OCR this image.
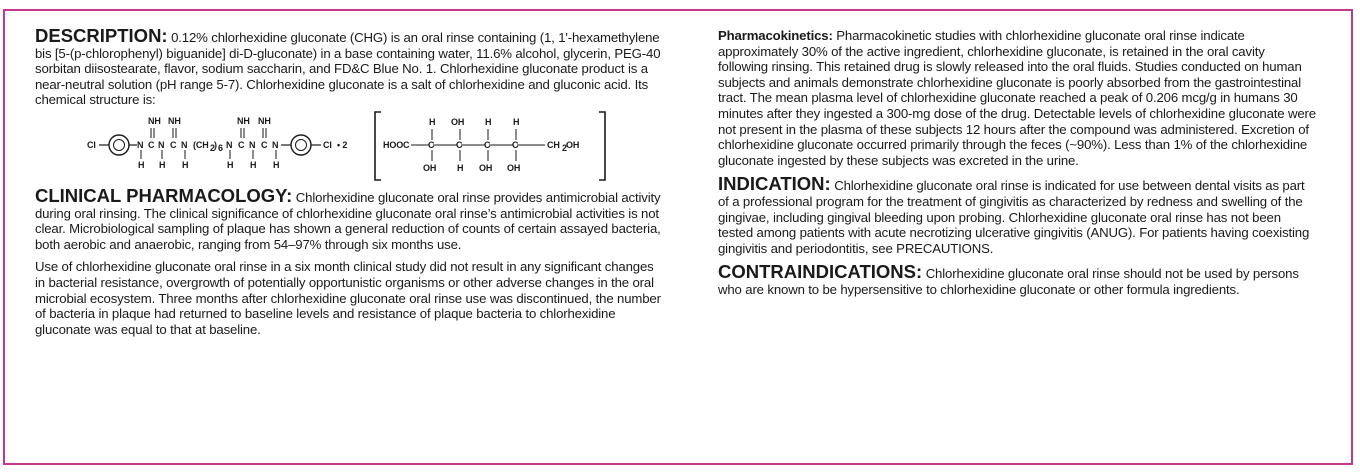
DESCRIPTION: 0.12% chlorhexidine gluconate (CHG) is an oral rinse containing (1, 1'-hexamethylene bis [5-(p-chlorophenyl) biguanide] di-D-gluconate) in a base containing water, 11.6% alcohol, glycerin, PEG-40 sorbitan diisostearate, flavor, sodium saccharin, and FD&C Blue No. 1. Chlorhexidine gluconate product is a near-neutral solution (pH range 5-7). Chlorhexidine gluconate is a salt of chlorhexidine and gluconic acid. Its chemical structure is:

Cl	N C N C N
NH NH
H H H
(CH 2 ) 6 N C N C N
NH NH
H H H
Cl • 2	HOOC C C C C
H OH H H
OH H OH OH
CH 2 OH

CLINICAL PHARMACOLOGY: Chlorhexidine gluconate oral rinse provides antimicrobial activity during oral rinsing. The clinical significance of chlorhexidine gluconate oral rinse’s antimicrobial activities is not clear. Microbiological sampling of plaque has shown a general reduction of counts of certain assayed bacteria, both aerobic and anaerobic, ranging from 54–97% through six months use.

Use of chlorhexidine gluconate oral rinse in a six month clinical study did not result in any significant changes in bacterial resistance, overgrowth of potentially opportunistic organisms or other adverse changes in the oral microbial ecosystem. Three months after chlorhexidine gluconate oral rinse use was discontinued, the number of bacteria in plaque had returned to baseline levels and resistance of plaque bacteria to chlorhexidine gluconate was equal to that at baseline.

Pharmacokinetics: Pharmacokinetic studies with chlorhexidine gluconate oral rinse indicate approximately 30% of the active ingredient, chlorhexidine gluconate, is retained in the oral cavity following rinsing. This retained drug is slowly released into the oral fluids. Studies conducted on human subjects and animals demonstrate chlorhexidine gluconate is poorly absorbed from the gastrointestinal tract. The mean plasma level of chlorhexidine gluconate reached a peak of 0.206 mcg/g in humans 30 minutes after they ingested a 300-mg dose of the drug. Detectable levels of chlorhexidine gluconate were not present in the plasma of these subjects 12 hours after the compound was administered. Excretion of chlorhexidine gluconate occurred primarily through the feces (~90%). Less than 1% of the chlorhexidine gluconate ingested by these subjects was excreted in the urine.

INDICATION: Chlorhexidine gluconate oral rinse is indicated for use between dental visits as part of a professional program for the treatment of gingivitis as characterized by redness and swelling of the gingivae, including gingival bleeding upon probing. Chlorhexidine gluconate oral rinse has not been tested among patients with acute necrotizing ulcerative gingivitis (ANUG). For patients having coexisting gingivitis and periodontitis, see PRECAUTIONS.

CONTRAINDICATIONS: Chlorhexidine gluconate oral rinse should not be used by persons who are known to be hypersensitive to chlorhexidine gluconate or other formula ingredients.
